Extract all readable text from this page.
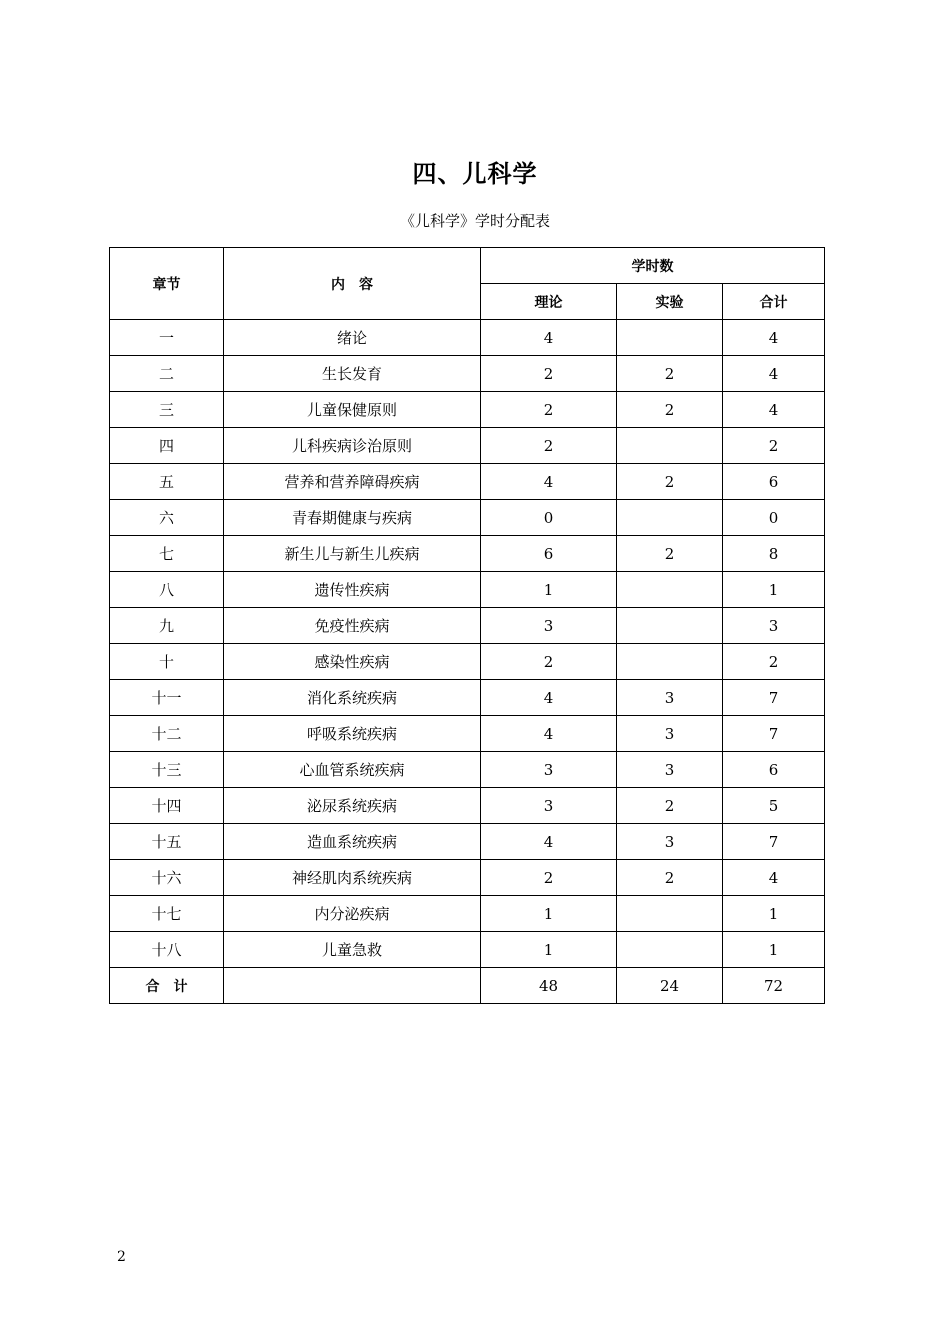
四、儿科学
《儿科学》学时分配表
章节	内　容	学时数		
		理论	实验	合计
一	绪论	4		4
二	生长发育	2	2	4
三	儿童保健原则	2	2	4
四	儿科疾病诊治原则	2		2
五	营养和营养障碍疾病	4	2	6
六	青春期健康与疾病	0		0
七	新生儿与新生儿疾病	6	2	8
八	遗传性疾病	1		1
九	免疫性疾病	3		3
十	感染性疾病	2		2
十一	消化系统疾病	4	3	7
十二	呼吸系统疾病	4	3	7
十三	心血管系统疾病	3	3	6
十四	泌尿系统疾病	3	2	5
十五	造血系统疾病	4	3	7
十六	神经肌肉系统疾病	2	2	4
十七	内分泌疾病	1		1
十八	儿童急救	1		1
合　计		48	24	72
2
